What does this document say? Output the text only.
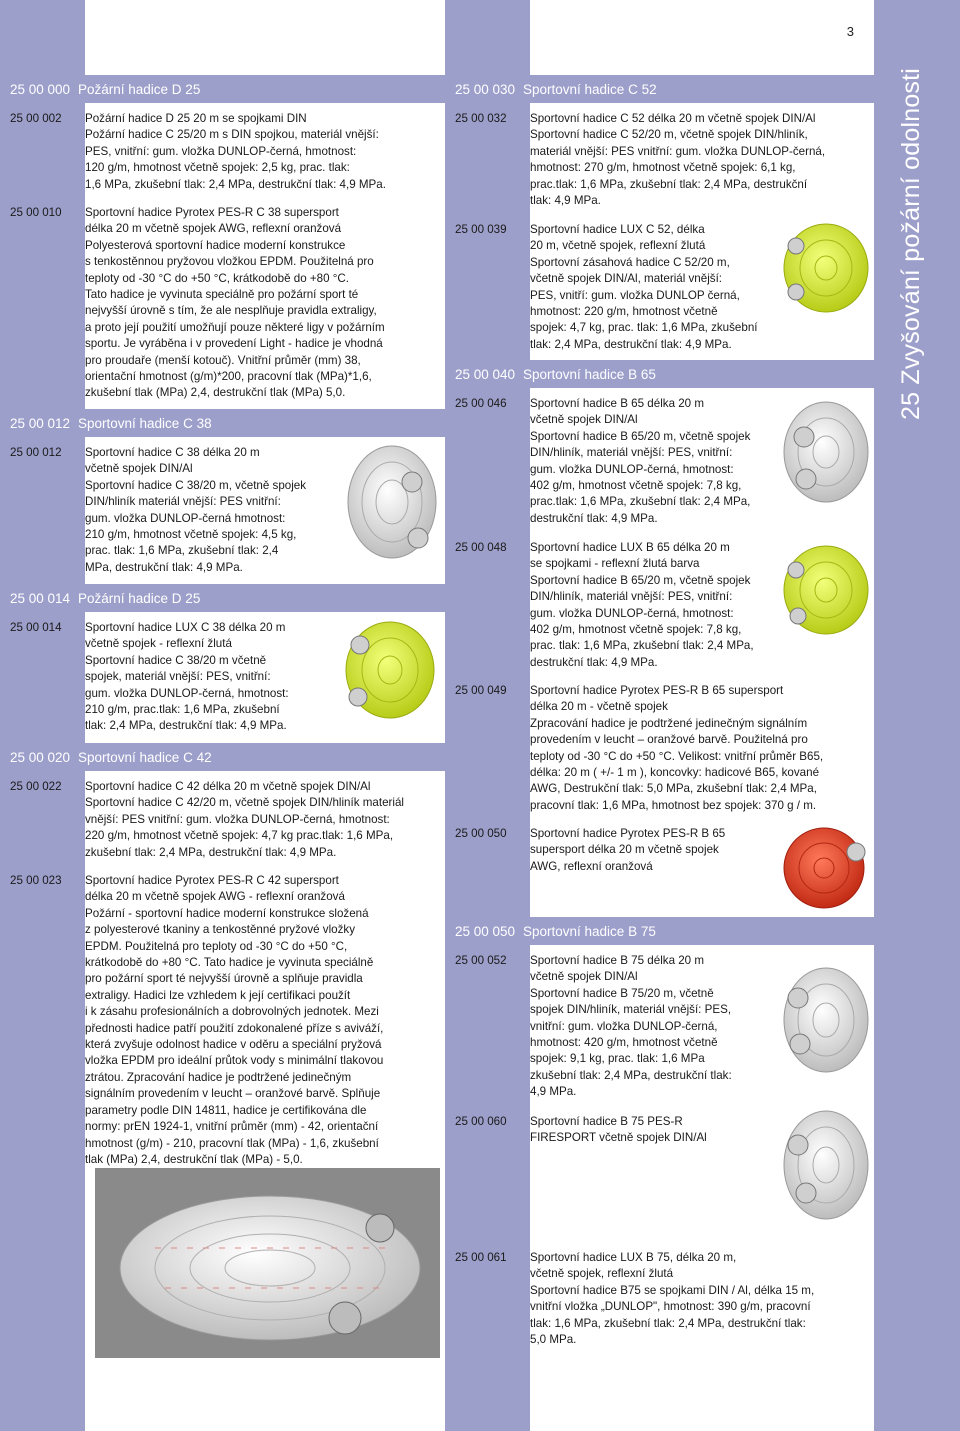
3
25 Zvyšování požární odolnosti
25 00 000 Požární hadice D 25
25 00 002	Požární hadice D 25 20 m se spojkami DIN
Požární hadice C 25/20 m s DIN spojkou, materiál vnější:
PES, vnitřní: gum. vložka DUNLOP-černá, hmotnost:
120 g/m, hmotnost včetně spojek: 2,5 kg, prac. tlak:
1,6 MPa, zkušební tlak: 2,4 MPa, destrukční tlak: 4,9 MPa.
25 00 010	Sportovní hadice Pyrotex PES-R C 38 supersport
délka 20 m včetně spojek AWG, reflexní oranžová
Polyesterová sportovní hadice moderní konstrukce
s tenkostěnnou pryžovou vložkou EPDM. Použitelná pro
teploty od -30 °C do +50 °C, krátkodobě do +80 °C.
Tato hadice je vyvinuta speciálně pro požární sport té
nejvyšší úrovně s tím, že ale nesplňuje pravidla extraligy,
a proto její použití umožňují pouze některé ligy v požárním
sportu. Je vyráběna i v provedení Light - hadice je vhodná
pro proudaře (menší kotouč). Vnitřní průměr (mm) 38,
orientační hmotnost (g/m)*200, pracovní tlak (MPa)*1,6,
zkušební tlak (MPa) 2,4, destrukční tlak (MPa) 5,0.
25 00 012 Sportovní hadice C 38
25 00 012	Sportovní hadice C 38 délka 20 m
včetně spojek DIN/Al
Sportovní hadice C 38/20 m, včetně spojek
DIN/hliník materiál vnější: PES vnitřní:
gum. vložka DUNLOP-černá hmotnost:
210 g/m, hmotnost včetně spojek: 4,5 kg,
prac. tlak: 1,6 MPa, zkušební tlak: 2,4
MPa, destrukční tlak: 4,9 MPa.
25 00 014 Požární hadice D 25
25 00 014	Sportovní hadice LUX C 38 délka 20 m
včetně spojek - reflexní žlutá
Sportovní hadice C 38/20 m včetně
spojek, materiál vnější: PES, vnitřní:
gum. vložka DUNLOP-černá, hmotnost:
210 g/m, prac.tlak: 1,6 MPa, zkušební
tlak: 2,4 MPa, destrukční tlak: 4,9 MPa.
25 00 020 Sportovní hadice C 42
25 00 022	Sportovní hadice C 42 délka 20 m včetně spojek DIN/Al
Sportovní hadice C 42/20 m, včetně spojek DIN/hliník materiál
vnější: PES vnitřní: gum. vložka DUNLOP-černá, hmotnost:
220 g/m, hmotnost včetně spojek: 4,7 kg prac.tlak: 1,6 MPa,
zkušební tlak: 2,4 MPa, destrukční tlak: 4,9 MPa.
25 00 023	Sportovní hadice Pyrotex PES-R C 42 supersport
délka 20 m včetně spojek AWG - reflexní oranžová
Požární - sportovní hadice moderní konstrukce složená
z polyesterové tkaniny a tenkostěnné pryžové vložky
EPDM. Použitelná pro teploty od -30 °C do +50 °C,
krátkodobě do +80 °C. Tato hadice je vyvinuta speciálně
pro požární sport té nejvyšší úrovně a splňuje pravidla
extraligy. Hadici lze vzhledem k její certifikaci použít
i k zásahu profesionálních a dobrovolných jednotek. Mezi
přednosti hadice patří použití zdokonalené příze s aviváží,
která zvyšuje odolnost hadice v oděru a speciální pryžová
vložka EPDM pro ideální průtok vody s minimální tlakovou
ztrátou. Zpracování hadice je podtržené jedinečným
signálním provedením v leucht – oranžové barvě. Splňuje
parametry podle DIN 14811, hadice je certifikována dle
normy: prEN 1924-1, vnitřní průměr (mm) - 42, orientační
hmotnost (g/m) - 210, pracovní tlak (MPa) - 1,6, zkušební
tlak (MPa) 2,4, destrukční tlak (MPa) - 5,0.
25 00 030 Sportovní hadice C 52
25 00 032	Sportovní hadice C 52 délka 20 m včetně spojek DIN/Al
Sportovní hadice C 52/20 m, včetně spojek DIN/hliník,
materiál vnější: PES vnitřní: gum. vložka DUNLOP-černá,
hmotnost: 270 g/m, hmotnost včetně spojek: 6,1 kg,
prac.tlak: 1,6 MPa, zkušební tlak: 2,4 MPa, destrukční
tlak: 4,9 MPa.
25 00 039	Sportovní hadice LUX C 52, délka
20 m, včetně spojek, reflexní žlutá
Sportovní zásahová hadice C 52/20 m,
včetně spojek DIN/Al, materiál vnější:
PES, vnitří: gum. vložka DUNLOP černá,
hmotnost: 220 g/m, hmotnost včetně
spojek: 4,7 kg, prac. tlak: 1,6 MPa, zkušební
tlak: 2,4 MPa, destrukční tlak: 4,9 MPa.
25 00 040 Sportovní hadice B 65
25 00 046	Sportovní hadice B 65 délka 20 m
včetně spojek DIN/Al
Sportovní hadice B 65/20 m, včetně spojek
DIN/hliník, materiál vnější: PES, vnitřní:
gum. vložka DUNLOP-černá, hmotnost:
402 g/m, hmotnost včetně spojek: 7,8 kg,
prac.tlak: 1,6 MPa, zkušební tlak: 2,4 MPa,
destrukční tlak: 4,9 MPa.
25 00 048	Sportovní hadice LUX B 65 délka 20 m
se spojkami - reflexní žlutá barva
Sportovní hadice B 65/20 m, včetně spojek
DIN/hliník, materiál vnější: PES, vnitřní:
gum. vložka DUNLOP-černá, hmotnost:
402 g/m, hmotnost včetně spojek: 7,8 kg,
prac. tlak: 1,6 MPa, zkušební tlak: 2,4 MPa,
destrukční tlak: 4,9 MPa.
25 00 049	Sportovní hadice Pyrotex PES-R B 65 supersport
délka 20 m - včetně spojek
Zpracování hadice je podtržené jedinečným signálním
provedením v leucht – oranžové barvě. Použitelná pro
teploty od -30 °C do +50 °C. Velikost: vnitřní průměr B65,
délka: 20 m ( +/- 1 m ), koncovky: hadicové B65, kované
AWG, Destrukční tlak: 5,0 MPa, zkušební tlak: 2,4 MPa,
pracovní tlak: 1,6 MPa, hmotnost bez spojek: 370 g / m.
25 00 050	Sportovní hadice Pyrotex PES-R B 65
supersport délka 20 m včetně spojek
AWG, reflexní oranžová
25 00 050 Sportovní hadice B 75
25 00 052	Sportovní hadice B 75 délka 20 m
včetně spojek DIN/Al
Sportovní hadice B 75/20 m, včetně
spojek DIN/hliník, materiál vnější: PES,
vnitřní: gum. vložka DUNLOP-černá,
hmotnost: 420 g/m, hmotnost včetně
spojek: 9,1 kg, prac. tlak: 1,6 MPa
zkušební tlak: 2,4 MPa, destrukční tlak:
4,9 MPa.
25 00 060	Sportovní hadice B 75 PES-R
FIRESPORT včetně spojek DIN/Al
25 00 061	Sportovní hadice LUX B 75, délka 20 m,
včetně spojek, reflexní žlutá
Sportovní hadice B75 se spojkami DIN / Al, délka 15 m,
vnitřní vložka „DUNLOP", hmotnost: 390 g/m, pracovní
tlak: 1,6 MPa, zkušební tlak: 2,4 MPa, destrukční tlak:
5,0 MPa.
